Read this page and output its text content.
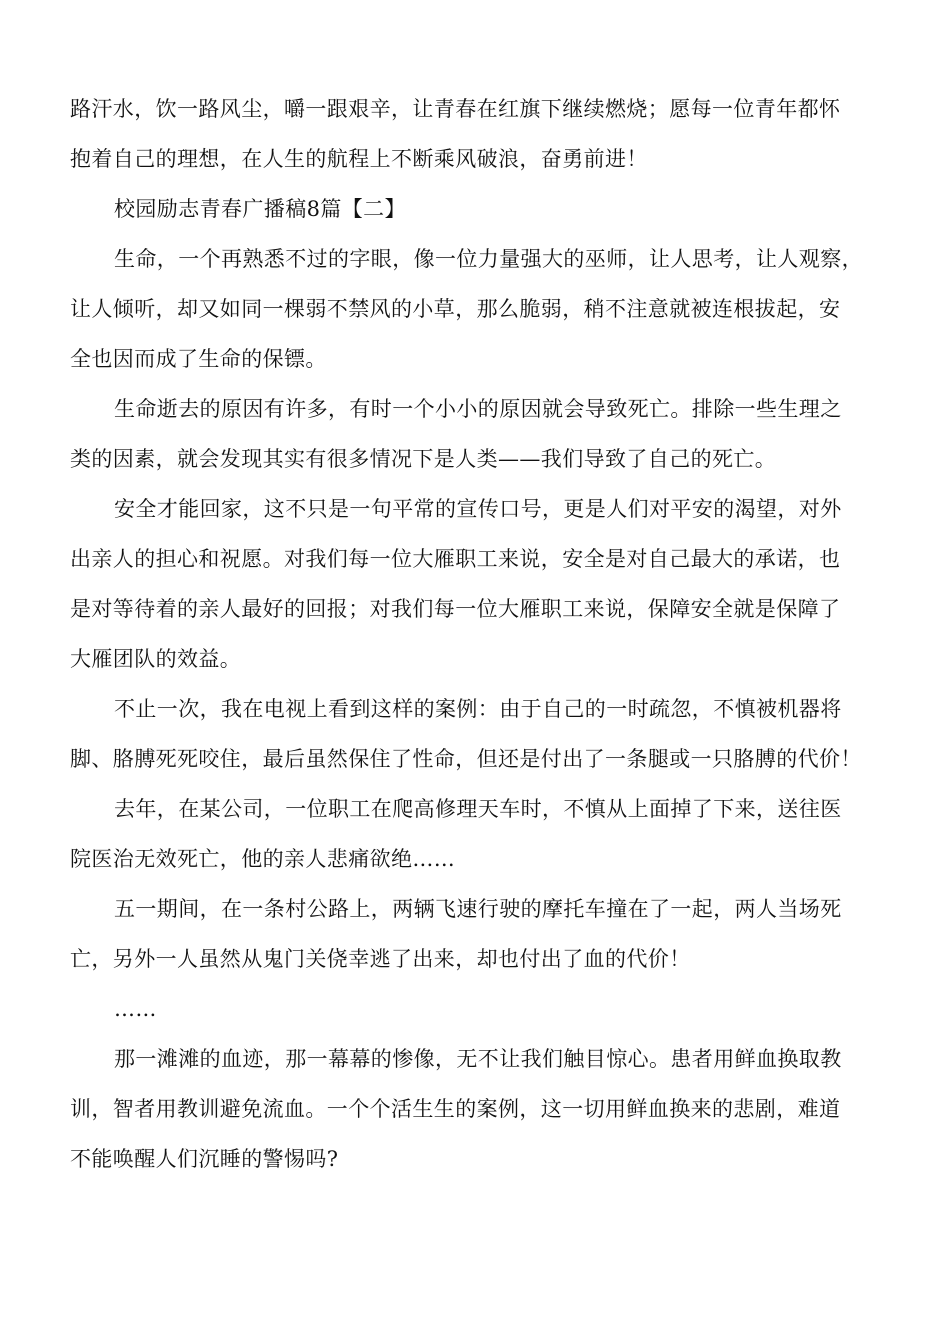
路汗水，饮一路风尘，嚼一跟艰辛，让青春在红旗下继续燃烧；愿每一位青年都怀
抱着自己的理想，在人生的航程上不断乘风破浪，奋勇前进！
校园励志青春广播稿8篇【二】
生命，一个再熟悉不过的字眼，像一位力量强大的巫师，让人思考，让人观察，
让人倾听，却又如同一棵弱不禁风的小草，那么脆弱，稍不注意就被连根拔起，安
全也因而成了生命的保镖。
生命逝去的原因有许多，有时一个小小的原因就会导致死亡。排除一些生理之
类的因素，就会发现其实有很多情况下是人类——我们导致了自己的死亡。
安全才能回家，这不只是一句平常的宣传口号，更是人们对平安的渴望，对外
出亲人的担心和祝愿。对我们每一位大雁职工来说，安全是对自己最大的承诺，也
是对等待着的亲人最好的回报；对我们每一位大雁职工来说，保障安全就是保障了
大雁团队的效益。
不止一次，我在电视上看到这样的案例：由于自己的一时疏忽，不慎被机器将
脚、胳膊死死咬住，最后虽然保住了性命，但还是付出了一条腿或一只胳膊的代价！
去年，在某公司，一位职工在爬高修理天车时，不慎从上面掉了下来，送往医
院医治无效死亡，他的亲人悲痛欲绝……
五一期间，在一条村公路上，两辆飞速行驶的摩托车撞在了一起，两人当场死
亡，另外一人虽然从鬼门关侥幸逃了出来，却也付出了血的代价！
……
那一滩滩的血迹，那一幕幕的惨像，无不让我们触目惊心。患者用鲜血换取教
训，智者用教训避免流血。一个个活生生的案例，这一切用鲜血换来的悲剧，难道
不能唤醒人们沉睡的警惕吗?
